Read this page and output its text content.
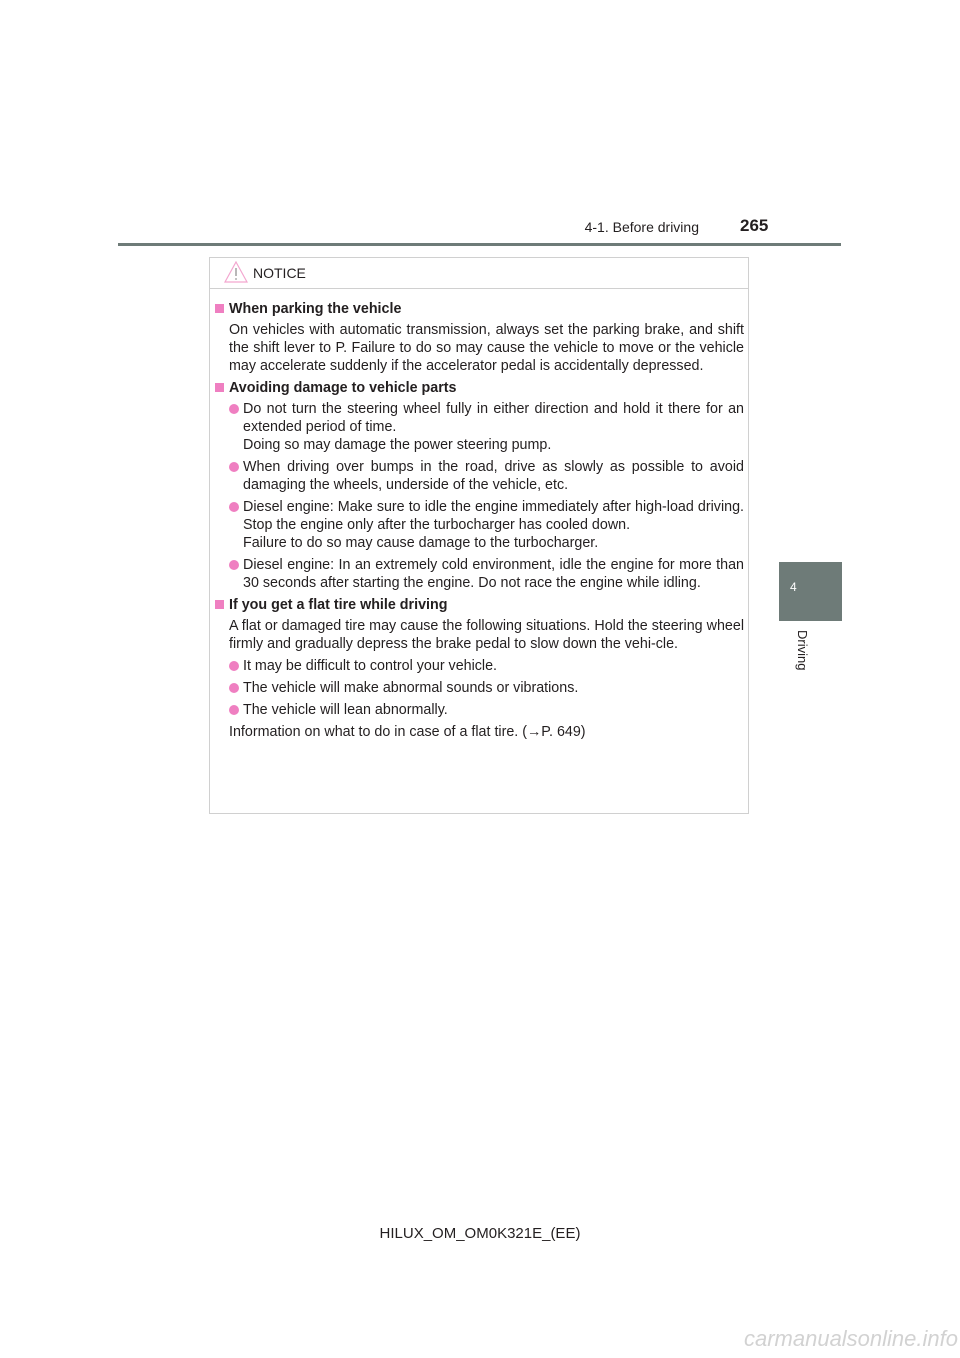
4-1. Before driving 265
4
Driving
NOTICE
When parking the vehicle
On vehicles with automatic transmission, always set the parking brake, and shift the shift lever to P. Failure to do so may cause the vehicle to move or the vehicle may accelerate suddenly if the accelerator pedal is accidentally depressed.
Avoiding damage to vehicle parts
Do not turn the steering wheel fully in either direction and hold it there for an extended period of time.
Doing so may damage the power steering pump.
When driving over bumps in the road, drive as slowly as possible to avoid damaging the wheels, underside of the vehicle, etc.
Diesel engine: Make sure to idle the engine immediately after high-load driving. Stop the engine only after the turbocharger has cooled down.
Failure to do so may cause damage to the turbocharger.
Diesel engine: In an extremely cold environment, idle the engine for more than 30 seconds after starting the engine. Do not race the engine while idling.
If you get a flat tire while driving
A flat or damaged tire may cause the following situations. Hold the steering wheel firmly and gradually depress the brake pedal to slow down the vehi-cle.
It may be difficult to control your vehicle.
The vehicle will make abnormal sounds or vibrations.
The vehicle will lean abnormally.
Information on what to do in case of a flat tire. (→P. 649)
HILUX_OM_OM0K321E_(EE)
carmanualsonline.info
